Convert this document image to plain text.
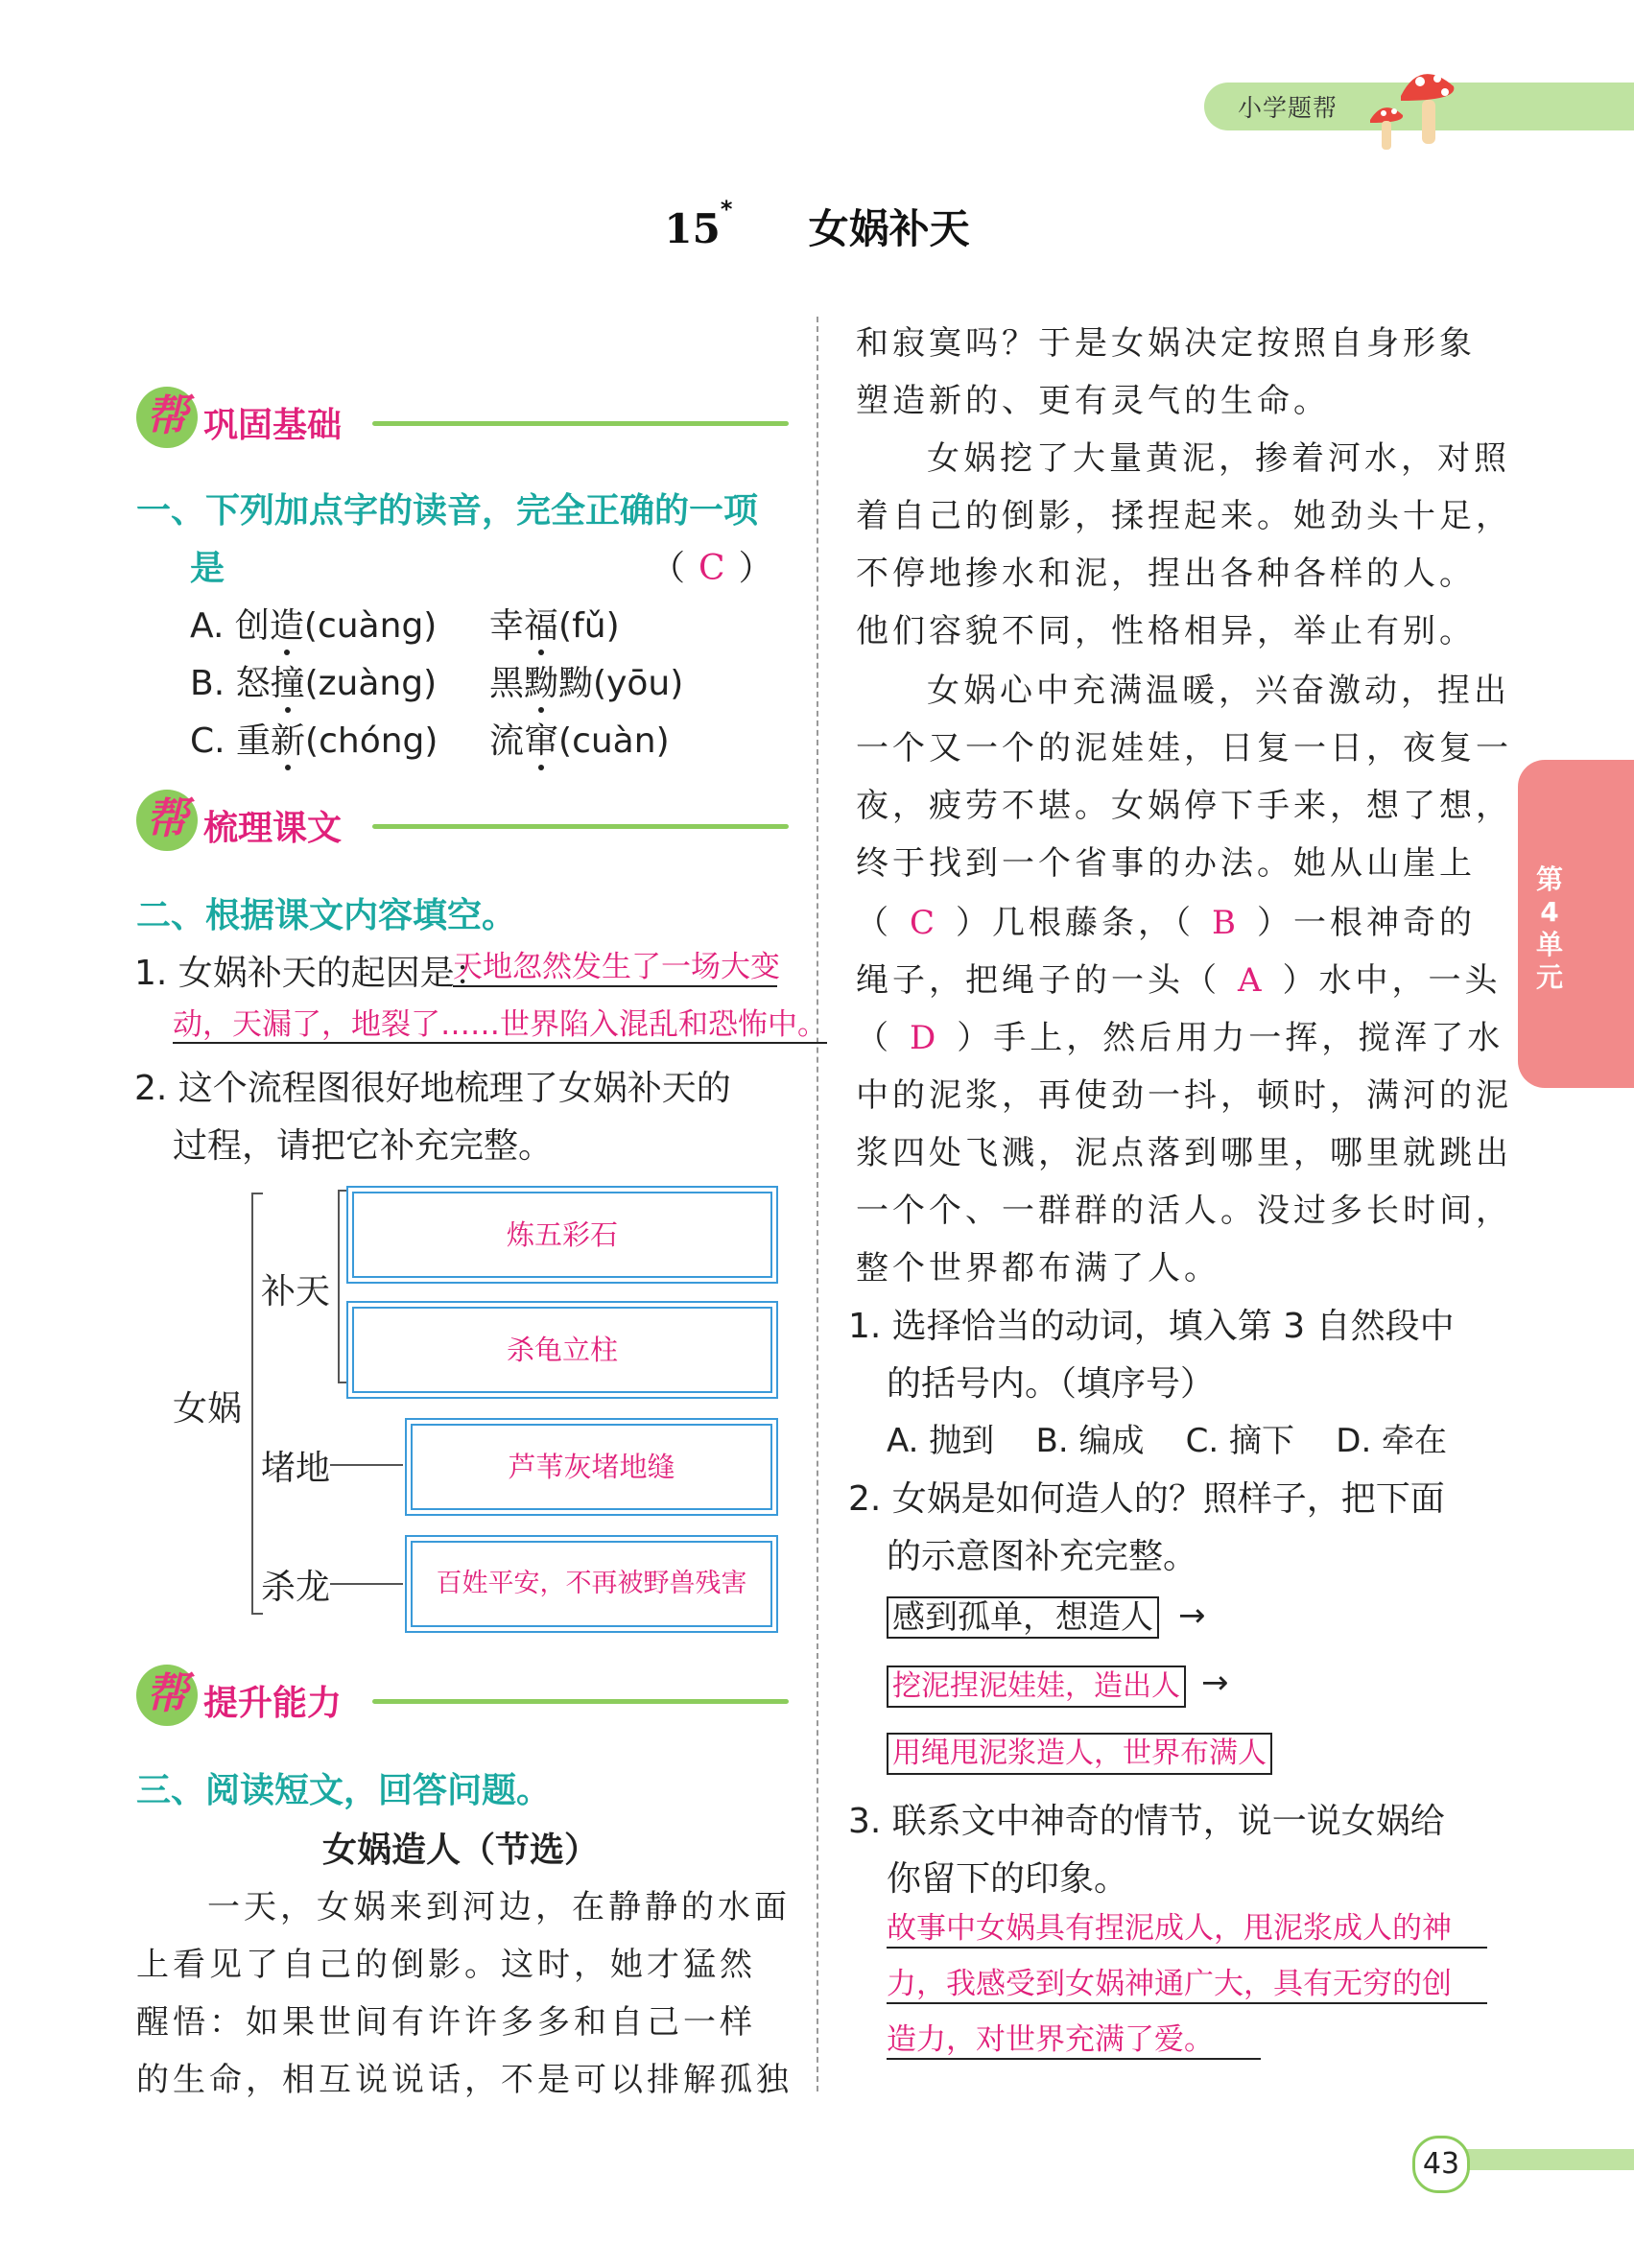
小学题帮
15* 女娲补天
第4单元
帮 巩固基础
一、下列加点字的读音，完全正确的一项
是	（ C ）
A. 创造(cuàng) 幸福(fǔ)
B. 怒撞(zuàng) 黑黝黝(yōu)
C. 重新(chóng) 流窜(cuàn)
帮 梳理课文
二、根据课文内容填空。
1. 女娲补天的起因是：
天地忽然发生了一场大变
动，天漏了，地裂了……世界陷入混乱和恐怖中。
2. 这个流程图很好地梳理了女娲补天的
过程，请把它补充完整。
女娲
补天
堵地
杀龙
炼五彩石
杀龟立柱
芦苇灰堵地缝
百姓平安，不再被野兽残害
帮 提升能力
三、阅读短文，回答问题。
女娲造人（节选）
一天，女娲来到河边，在静静的水面
上看见了自己的倒影。这时，她才猛然
醒悟：如果世间有许许多多和自己一样
的生命，相互说说话，不是可以排解孤独
和寂寞吗？于是女娲决定按照自身形象
塑造新的、更有灵气的生命。
女娲挖了大量黄泥，掺着河水，对照
着自己的倒影，揉捏起来。她劲头十足，
不停地掺水和泥，捏出各种各样的人。
他们容貌不同，性格相异，举止有别。
女娲心中充满温暖，兴奋激动，捏出
一个又一个的泥娃娃，日复一日，夜复一
夜，疲劳不堪。女娲停下手来，想了想，
终于找到一个省事的办法。她从山崖上
（ C ）几根藤条，（ B ）一根神奇的
绳子，把绳子的一头（ A ）水中，一头
（ D ）手上，然后用力一挥，搅浑了水
中的泥浆，再使劲一抖，顿时，满河的泥
浆四处飞溅，泥点落到哪里，哪里就跳出
一个个、一群群的活人。没过多长时间，
整个世界都布满了人。
1. 选择恰当的动词，填入第 3 自然段中
的括号内。（填序号）
A. 抛到    B. 编成    C. 摘下    D. 牵在
2. 女娲是如何造人的？照样子，把下面
的示意图补充完整。
感到孤单，想造人 →
挖泥捏泥娃娃，造出人 →
用绳甩泥浆造人，世界布满人
3. 联系文中神奇的情节，说一说女娲给
你留下的印象。
故事中女娲具有捏泥成人，甩泥浆成人的神
力，我感受到女娲神通广大，具有无穷的创
造力，对世界充满了爱。
43
